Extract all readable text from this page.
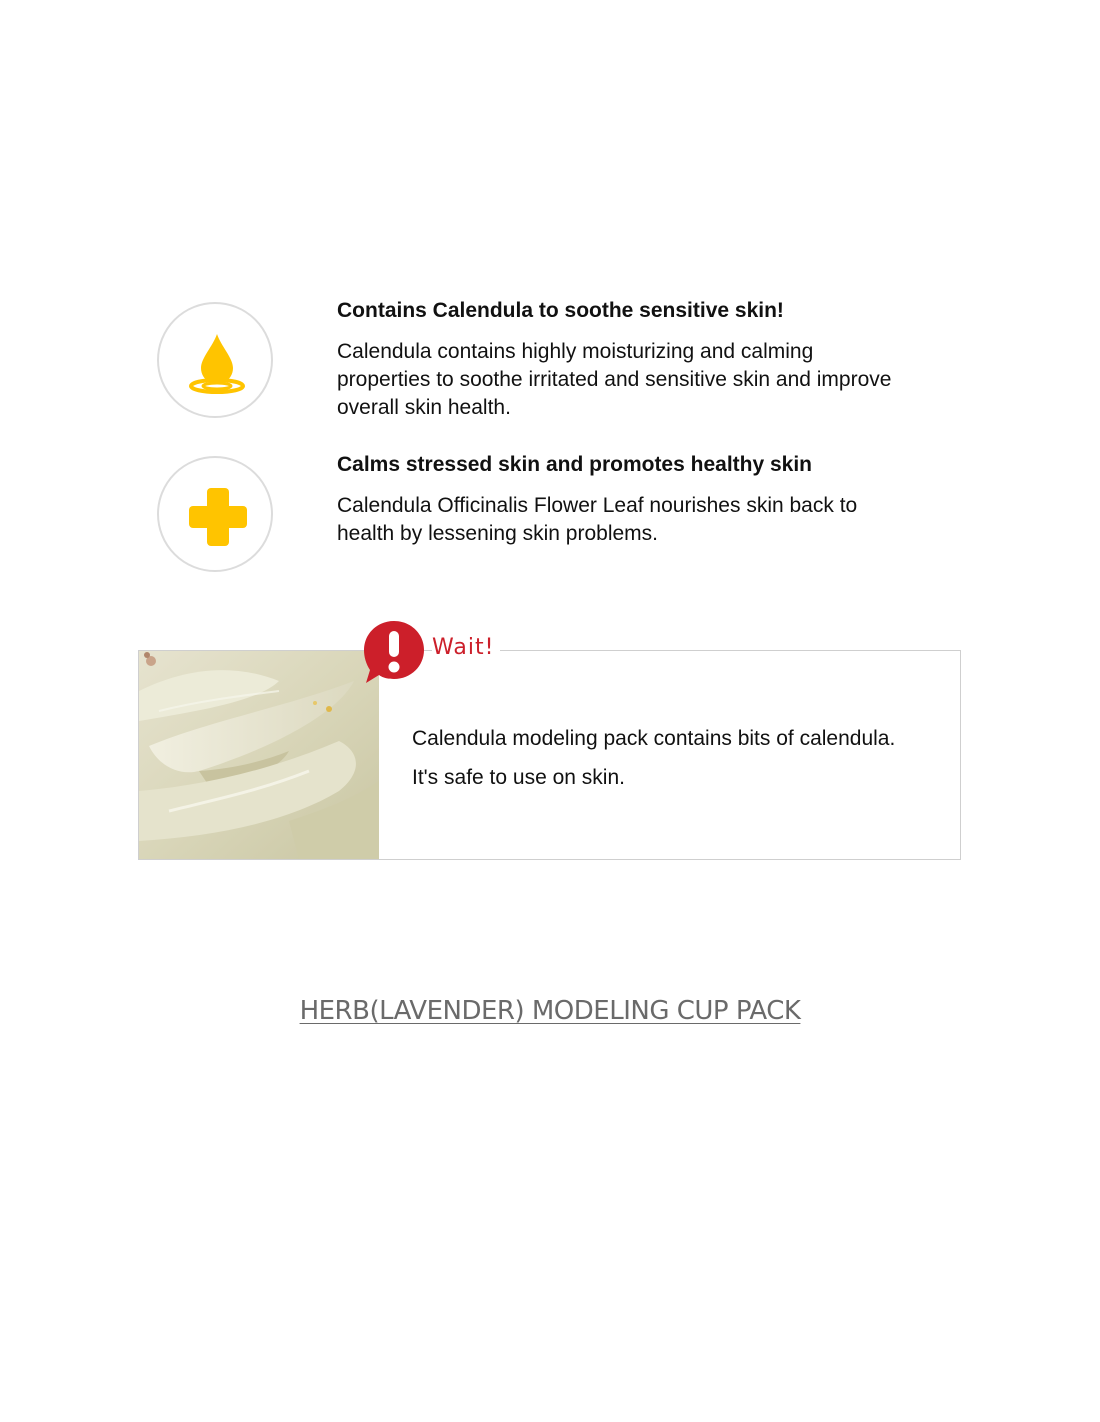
Contains Calendula to soothe sensitive skin!

Calendula contains highly moisturizing and calming properties to soothe irritated and sensitive skin and improve overall skin health.

Calms stressed skin and promotes healthy skin

Calendula Officinalis Flower Leaf nourishes skin back to health by lessening skin problems.

Calendula modeling pack contains bits of calendula.

It's safe to use on skin.

Wait!
HERB(LAVENDER) MODELING CUP PACK
